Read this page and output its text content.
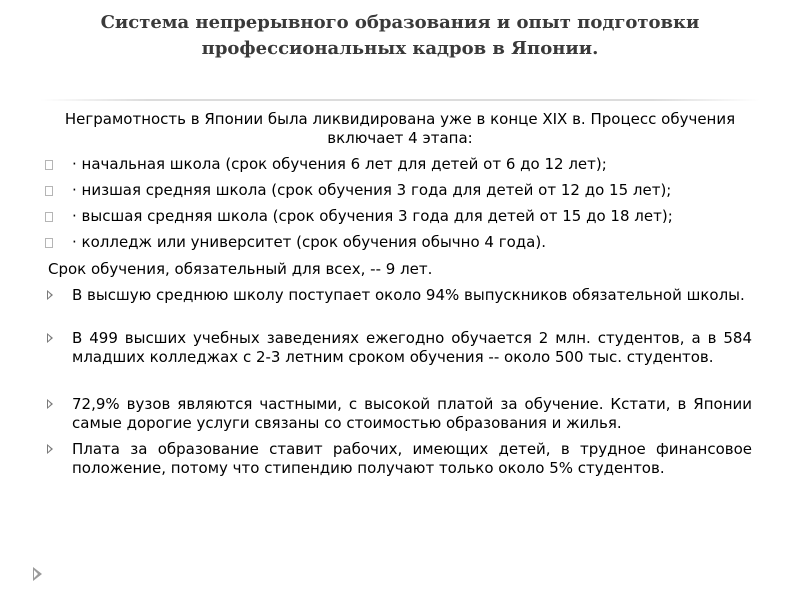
Система непрерывного образования и опыт подготовки профессиональных кадров в Японии.
Неграмотность в Японии была ликвидирована уже в конце XIX в. Процесс обучения включает 4 этапа:
· начальная школа (срок обучения 6 лет для детей от 6 до 12 лет);
· низшая средняя школа (срок обучения 3 года для детей от 12 до 15 лет);
· высшая средняя школа (срок обучения 3 года для детей от 15 до 18 лет);
· колледж или университет (срок обучения обычно 4 года).
Срок обучения, обязательный для всех, -- 9 лет.
В высшую среднюю школу поступает около 94% выпускников обязательной школы.
В 499 высших учебных заведениях ежегодно обучается 2 млн. студентов, а в 584 младших колледжах с 2-3 летним сроком обучения -- около 500 тыс. студентов.
72,9% вузов являются частными, с высокой платой за обучение. Кстати, в Японии самые дорогие услуги связаны со стоимостью образования и жилья.
Плата за образование ставит рабочих, имеющих детей, в трудное финансовое положение, потому что стипендию получают только около 5% студентов.
